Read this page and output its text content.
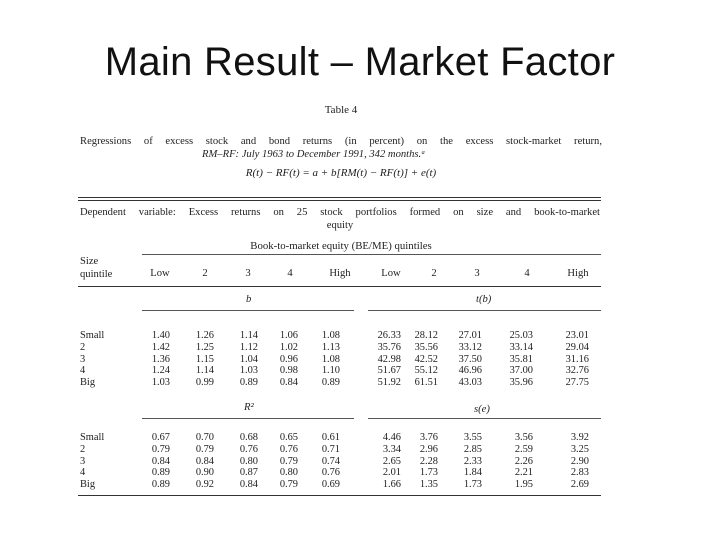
Main Result – Market Factor
Table 4
Regressions of excess stock and bond returns (in percent) on the excess stock-market return,
RM–RF: July 1963 to December 1991, 342 months.ᵃ
R(t) − RF(t) = a + b[RM(t) − RF(t)] + e(t)
Dependent variable: Excess returns on 25 stock portfolios formed on size and book-to-market
equity
Book-to-market equity (BE/ME) quintiles
Size
quintile	Low	2	3	4	High	Low	2	3	4	High
b	t(b)
Small	1.40 1.26 1.14 1.06 1.08	26.33 28.12 27.01	25.03	23.01
2	1.42 1.25 1.12 1.02 1.13	35.76 35.56 33.12	33.14	29.04
3	1.36 1.15 1.04 0.96 1.08	42.98 42.52 37.50	35.81	31.16
4	1.24 1.14 1.03 0.98 1.10	51.67 55.12 46.96	37.00	32.76
Big	1.03 0.99 0.89 0.84 0.89	51.92 61.51 43.03	35.96	27.75
R²	s(e)
Small	0.67 0.70 0.68 0.65 0.61	4.46 3.76 3.55	3.56	3.92
2	0.79 0.79 0.76 0.76 0.71	3.34 2.96 2.85	2.59	3.25
3	0.84 0.84 0.80 0.79 0.74	2.65 2.28 2.33	2.26	2.90
4	0.89 0.90 0.87 0.80 0.76	2.01 1.73 1.84	2.21	2.83
Big	0.89 0.92 0.84 0.79 0.69	1.66 1.35 1.73	1.95	2.69
